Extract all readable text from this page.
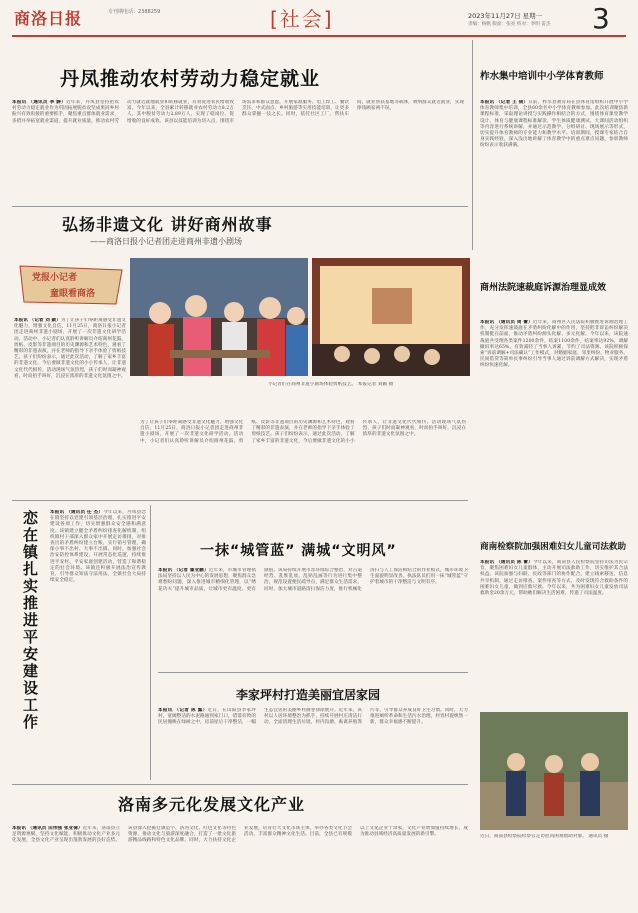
商洛日报	专刊期电话：2388259	[社会]	2023年11月27日 星期一
责编：杨帆 版面：张亮 校对：李明 雷杰 3
丹凤推动农村劳动力稳定就业
本报讯 （通讯员 李 静）近年来，丹凤县坚持把农村劳动力稳定就业作为巩固拓展脱贫攻坚成果同乡村振兴有效衔接的重要抓手，聚焦重点群体就业需求，多措并举拓宽就业渠道，提升就业质量，推动农村劳动力就近就地就业和转移就业，有效促进农民增收致富。今年以来，全县累计转移就业农村劳动力8.2万人，其中脱贫劳动力2.89万人，实现了稳岗位、促增收的良好成效。该县以技能培训为切入点，围绕市场需求和群众意愿，开展家政服务、电工焊工、餐饮烹饪、中式面点、乡村旅游等实用技能培训，让更多群众掌握一技之长。同时，依托社区工厂、帮扶车间、就业帮扶基地等载体，吸纳群众就近就业，实现挣钱顾家两不误。
柞水集中培训中小学体育教师
本报讯 （记者 王 倩）日前，柞水县教育局在县体育馆组织开展中小学体育教师集中培训，全县60余名中小学体育教师参加。此次培训聚焦新课程标准，采取理论讲授与实践操作相结合的方式，围绕体育课堂教学设计、体育与健康课程标准解读、学生体质健康测试、大课间活动组织等内容进行系统讲解，并通过示范教学、分组研讨、现场展示等形式，切实提升体育教师的专业能力和教学水平。培训期间，授课专家结合自身实践经验，深入浅出地讲解了体育教学中的重点难点问题，参训教师纷纷表示收获满满。
弘扬非遗文化 讲好商州故事
——商洛日报小记者团走进商州非遗小剧场
党报小记者
童眼看商洛
本报讯 （记者 刘 颖）为了让孩子们零距离感受非遗文化魅力，增强文化自信，11月25日，商洛日报小记者团走进商州非遗小剧场，开展了一次非遗文化研学活动。活动中，小记者们认真聆听讲解员介绍商州花鼓、剪纸、皮影等非遗项目的历史渊源和艺术特色，观看了精彩的非遗表演，并在老师的指导下亲手体验了剪纸技艺。孩子们纷纷表示，通过此次活动，了解了家乡丰富的非遗文化，今后要做非遗文化的小小传承人，让非遗文化代代相传。活动现场气氛热烈，孩子们时而凝神观看，时而拍手叫好，沉浸在浓厚的非遗文化氛围之中。
小记者们在商州非遗小剧场体验剪纸技艺。 本报记者 刘颖 摄
商州法院速裁庭诉源治理显成效
本报讯 （通讯员 周 蕾）近年来，商州区人民法院积极推进诉源治理工作，充分发挥速裁庭在矛盾纠纷化解中的作用，坚持把非诉讼纠纷解决机制挺在前面，推动矛盾纠纷源头化解、多元化解。今年以来，该院速裁庭共受理各类案件1200余件，结案1100余件，结案率达92%，调解撤诉率达65%，有效减轻了当事人诉累，节约了司法资源。该院积极探索“诉前调解+司法确认”工作模式，对婚姻家庭、邻里纠纷、物业服务、民间借贷等简单民事纠纷引导当事人通过诉前调解方式解决，实现矛盾纠纷快速化解。
为了让孩子们零距离感受非遗文化魅力，增强文化自信，11月25日，商洛日报小记者团走进商州非遗小剧场，开展了一次非遗文化研学活动。活动中，小记者们认真聆听讲解员介绍商州花鼓、剪纸、皮影等非遗项目的历史渊源和艺术特色，观看了精彩的非遗表演，并在老师的指导下亲手体验了剪纸技艺。孩子们纷纷表示，通过此次活动，了解了家乡丰富的非遗文化，今后要做非遗文化的小小传承人，让非遗文化代代相传。活动现场气氛热烈，孩子们时而凝神观看，时而拍手叫好，沉浸在浓厚的非遗文化氛围之中。
恋在镇扎实推进平安建设工作	本报讯 （通讯员 任 杰）今年以来，丹凤县恋在镇坚持以党建引领基层治理，扎实推进平安建设各项工作，切实增强群众安全感和满意度。该镇建立健全矛盾纠纷排查化解机制，组织镇村干部深入群众家中开展走访摸排，对排查出的矛盾纠纷建立台账，实行销号管理，确保小事不出村、大事不出镇。同时，加强社会治安防控体系建设，开展常态化巡逻，持续推进平安村、平安家庭创建活动，营造了和谐稳定的社会环境。该镇还积极开展法治宣传教育，引导群众知法守法用法，全镇社会大局持续安全稳定。
一抹“城管蓝” 满城“文明风”
本报讯 （记者 霍亚鹏）近年来，市城市管理执法局坚持以人民为中心的发展思想，聚焦群众急难愁盼问题，深入推进城市精细化管理，以“绣花功夫”提升城市品质，让城市更有温度、更有颜值。该局持续开展市容环境综合整治，对占道经营、乱堆乱放、乱贴乱画等行为进行集中整治，规范设置便民疏导点，满足群众生活需求。同时，加大城市道路清扫保洁力度，推行机械化清扫与人工保洁相结合的作业模式，城市环境卫生面貌明显改善。执法队员们用一抹“城管蓝”守护着城市的干净整洁与文明有序。
李家坪村打造美丽宜居家园
本报讯 （记者 陈 露）近日，在山阳县李家坪村，宽阔整洁的水泥路通到家门口，错落有致的民居掩映在绿树之中，房前屋后干净整洁，一幅生态宜居的美丽乡村画卷徐徐展开。近年来，该村以人居环境整治为抓手，持续开展村庄清洁行动，全面清理生活垃圾、村内沟塘、畜禽养殖粪污等，引导群众养成良好卫生习惯。同时，大力推进厕所革命和生活污水治理，村容村貌焕然一新，群众幸福感不断提升。
商南检察院加强困难妇女儿童司法救助
本报讯 （通讯员 陈 蕾）今年以来，商南县人民检察院坚持司法为民宗旨，聚焦困难妇女儿童群体，主动开展司法救助工作，切实维护其合法权益。该院加强与妇联、民政等部门的协作配合，建立线索移送、信息共享机制，通过走访排查、案件审查等方式，及时发现符合救助条件的困难妇女儿童，做到应救尽救。今年以来，共为困难妇女儿童发放司法救助金20余万元，帮助她们解决生活困难，传递了司法温度。
近日，商南县检察院检察官走访慰问困难救助对象。 通讯员 摄
洛南多元化发展文化产业
本报讯 （通讯员 田伟强 张亚倩）近年来，洛南县立足资源禀赋，坚持文化赋能，积极推动文化产业多元化发展，全县文化产业呈现出蓬勃发展的良好态势。该县深入挖掘仓颉造字、洛河文化、红色文化等特色资源，推动文化与旅游深度融合，打造了一批文化旅游精品线路和特色文化品牌。同时，大力扶持文化企业发展，培育壮大文化市场主体，举办各类文化节会活动，丰富群众精神文化生活。目前，全县已有规模以上文化企业十余家，文化产业增加值持续增长，成为推动县域经济高质量发展的新引擎。
